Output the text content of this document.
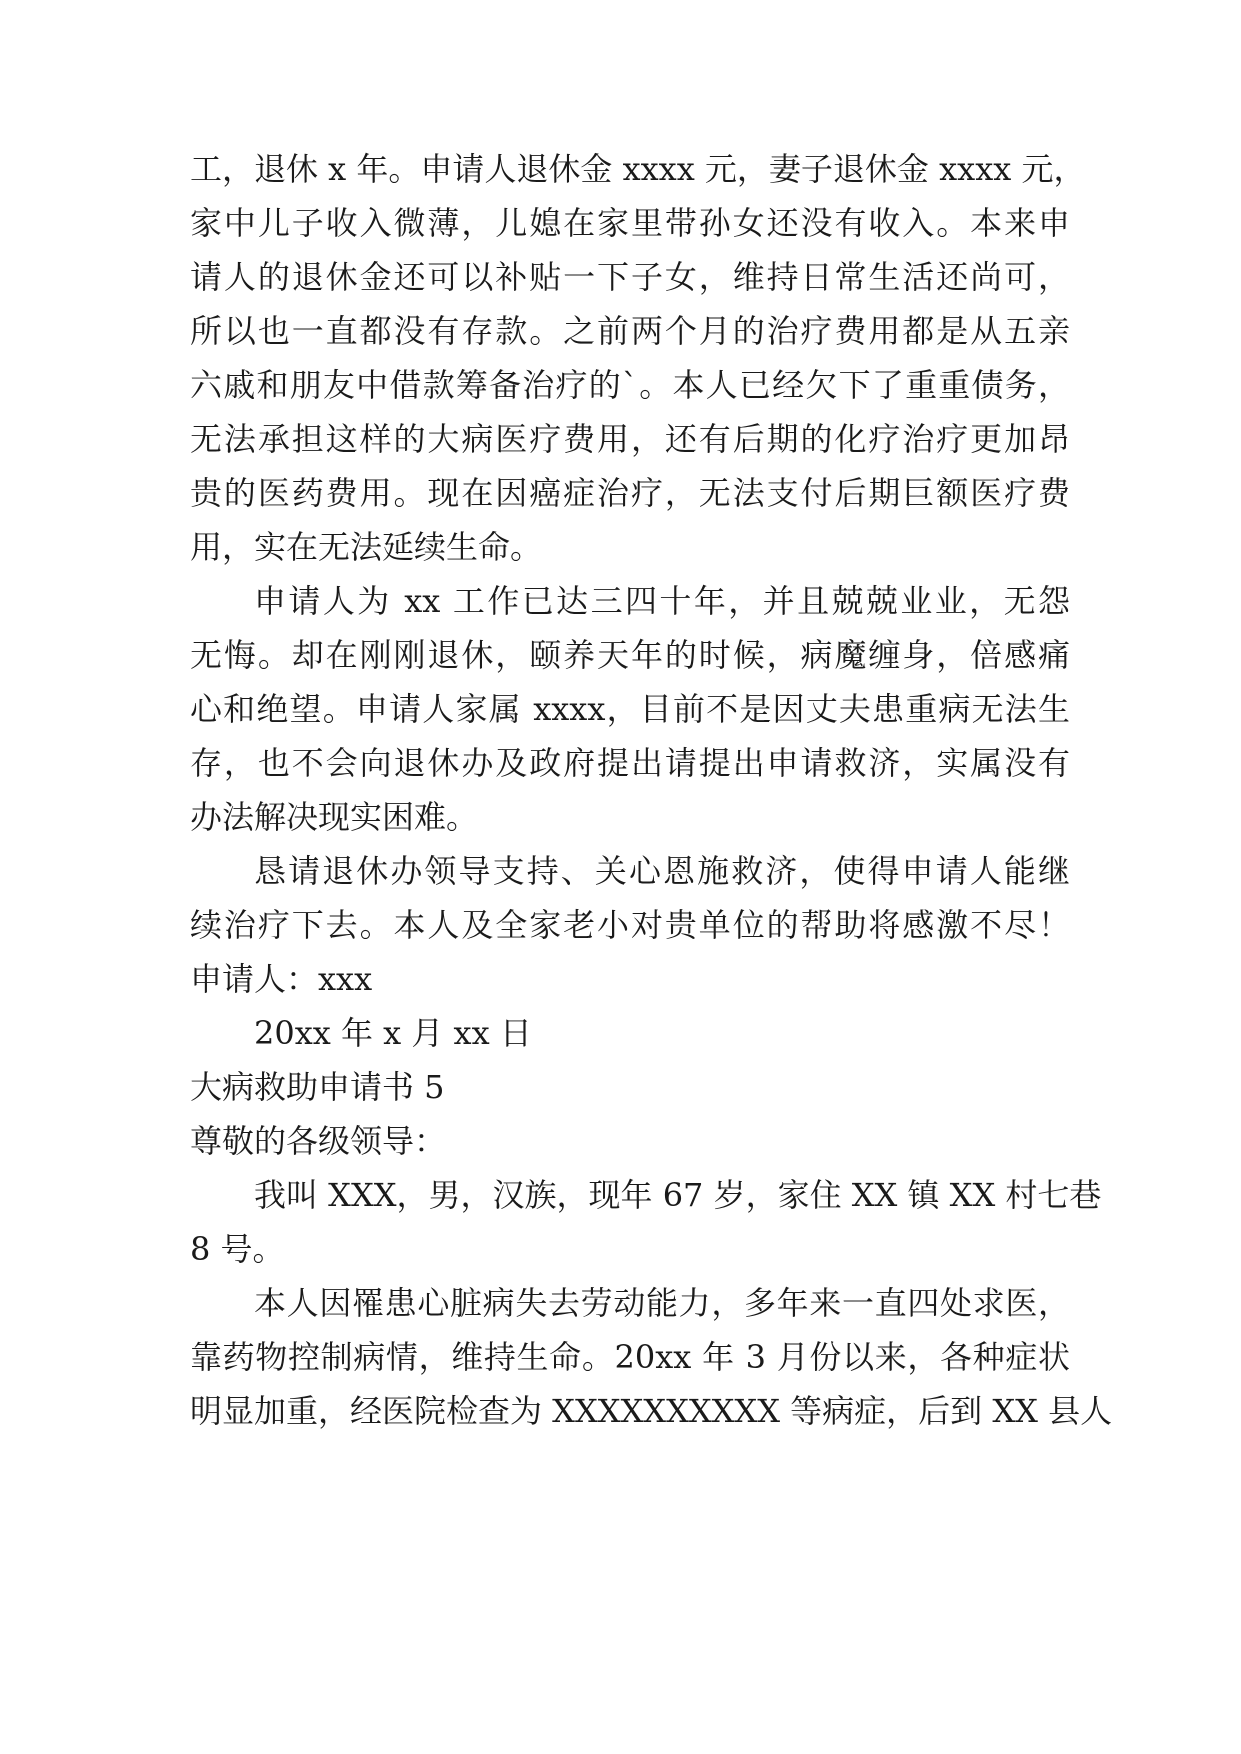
工，退休 x 年。申请人退休金 xxxx 元，妻子退休金 xxxx 元，

家中儿子收入微薄，儿媳在家里带孙女还没有收入。本来申

请人的退休金还可以补贴一下子女，维持日常生活还尚可，

所以也一直都没有存款。之前两个月的治疗费用都是从五亲

六戚和朋友中借款筹备治疗的`。本人已经欠下了重重债务，

无法承担这样的大病医疗费用，还有后期的化疗治疗更加昂

贵的医药费用。现在因癌症治疗，无法支付后期巨额医疗费

用，实在无法延续生命。

申请人为 xx 工作已达三四十年，并且兢兢业业，无怨

无悔。却在刚刚退休，颐养天年的时候，病魔缠身，倍感痛

心和绝望。申请人家属 xxxx，目前不是因丈夫患重病无法生

存，也不会向退休办及政府提出请提出申请救济，实属没有

办法解决现实困难。

恳请退休办领导支持、关心恩施救济，使得申请人能继

续治疗下去。本人及全家老小对贵单位的帮助将感激不尽！

申请人：xxx

20xx 年 x 月 xx 日

大病救助申请书 5

尊敬的各级领导：

我叫 XXX，男，汉族，现年 67 岁，家住 XX 镇 XX 村七巷

8 号。

本人因罹患心脏病失去劳动能力，多年来一直四处求医，

靠药物控制病情，维持生命。20xx 年 3 月份以来，各种症状

明显加重，经医院检查为 XXXXXXXXXX 等病症，后到 XX 县人
